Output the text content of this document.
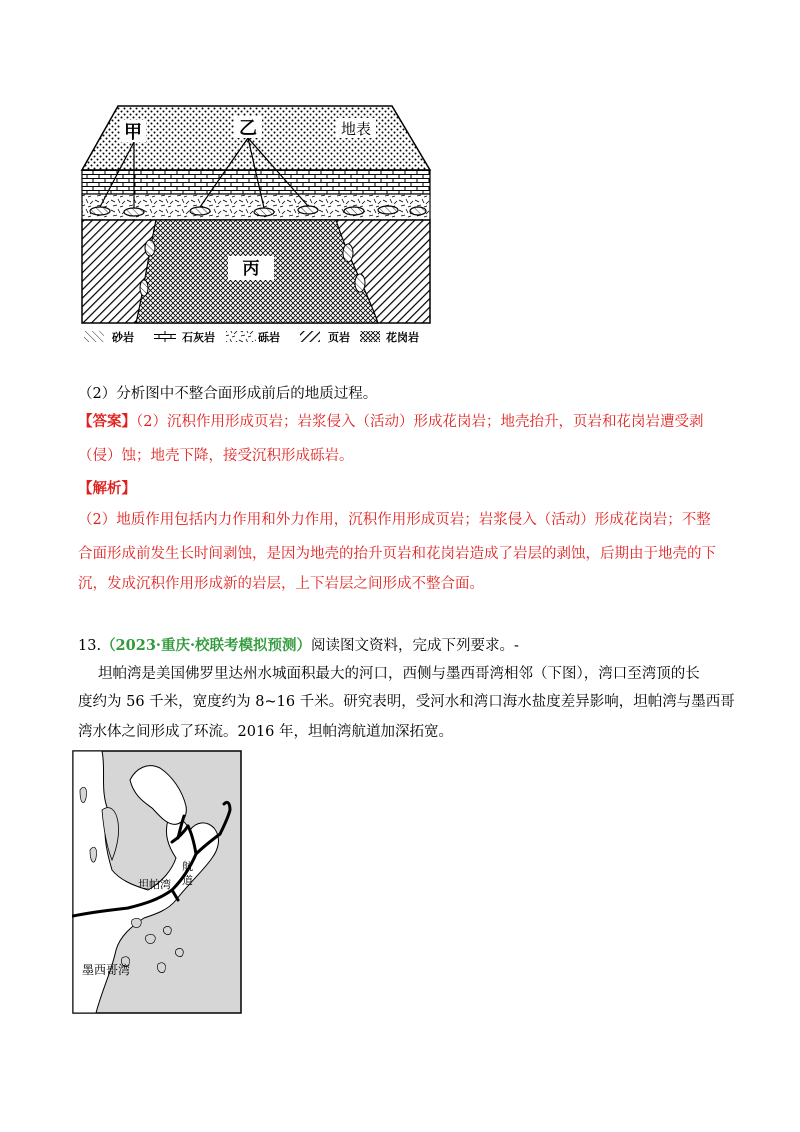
丙
甲	乙	地表
砂岩	石灰岩	砾岩	页岩	花岗岩
（2）分析图中不整合面形成前后的地质过程。
【答案】（2）沉积作用形成页岩；岩浆侵入（活动）形成花岗岩；地壳抬升，页岩和花岗岩遭受剥
（侵）蚀；地壳下降，接受沉积形成砾岩。
【解析】
（2）地质作用包括内力作用和外力作用，沉积作用形成页岩；岩浆侵入（活动）形成花岗岩；不整
合面形成前发生长时间剥蚀，是因为地壳的抬升页岩和花岗岩造成了岩层的剥蚀，后期由于地壳的下
沉，发成沉积作用形成新的岩层，上下岩层之间形成不整合面。
13.（2023·重庆·校联考模拟预测）阅读图文资料，完成下列要求。-
坦帕湾是美国佛罗里达州水城面积最大的河口，西侧与墨西哥湾相邻（下图），湾口至湾顶的长
度约为 56 千米，宽度约为 8~16 千米。研究表明，受河水和湾口海水盐度差异影响，坦帕湾与墨西哥
湾水体之间形成了环流。2016 年，坦帕湾航道加深拓宽。
航
道
坦帕湾
墨西哥湾
